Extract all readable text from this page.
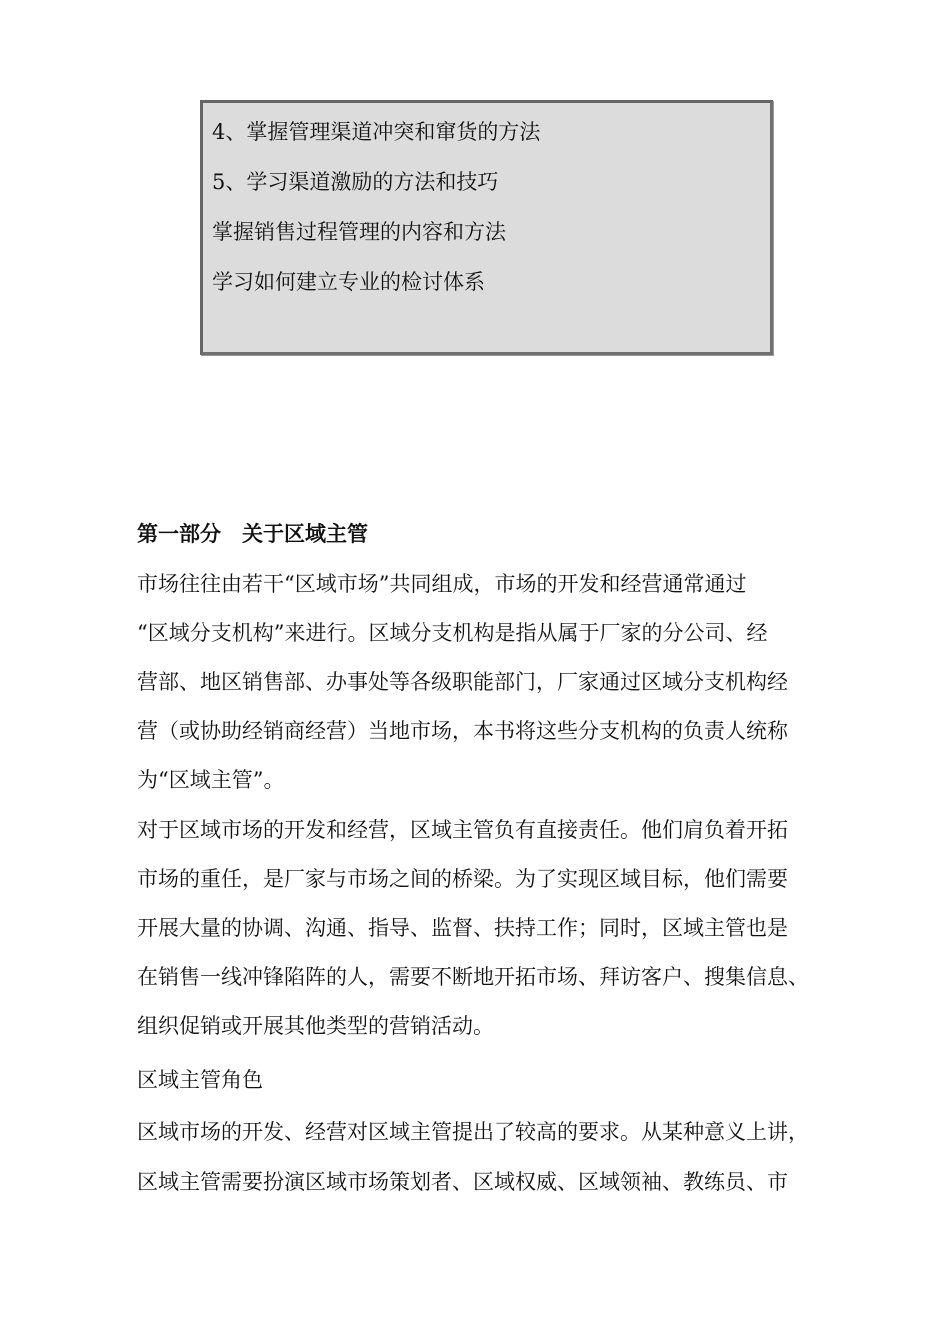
4、掌握管理渠道冲突和窜货的方法
5、学习渠道激励的方法和技巧
掌握销售过程管理的内容和方法
学习如何建立专业的检讨体系
第一部分　关于区域主管
市场往往由若干“区域市场”共同组成，市场的开发和经营通常通过
“区域分支机构”来进行。区域分支机构是指从属于厂家的分公司、经
营部、地区销售部、办事处等各级职能部门，厂家通过区域分支机构经
营（或协助经销商经营）当地市场，本书将这些分支机构的负责人统称
为“区域主管”。
对于区域市场的开发和经营，区域主管负有直接责任。他们肩负着开拓
市场的重任，是厂家与市场之间的桥梁。为了实现区域目标，他们需要
开展大量的协调、沟通、指导、监督、扶持工作；同时，区域主管也是
在销售一线冲锋陷阵的人，需要不断地开拓市场、拜访客户、搜集信息、
组织促销或开展其他类型的营销活动。
区域主管角色
区域市场的开发、经营对区域主管提出了较高的要求。从某种意义上讲，
区域主管需要扮演区域市场策划者、区域权威、区域领袖、教练员、市
